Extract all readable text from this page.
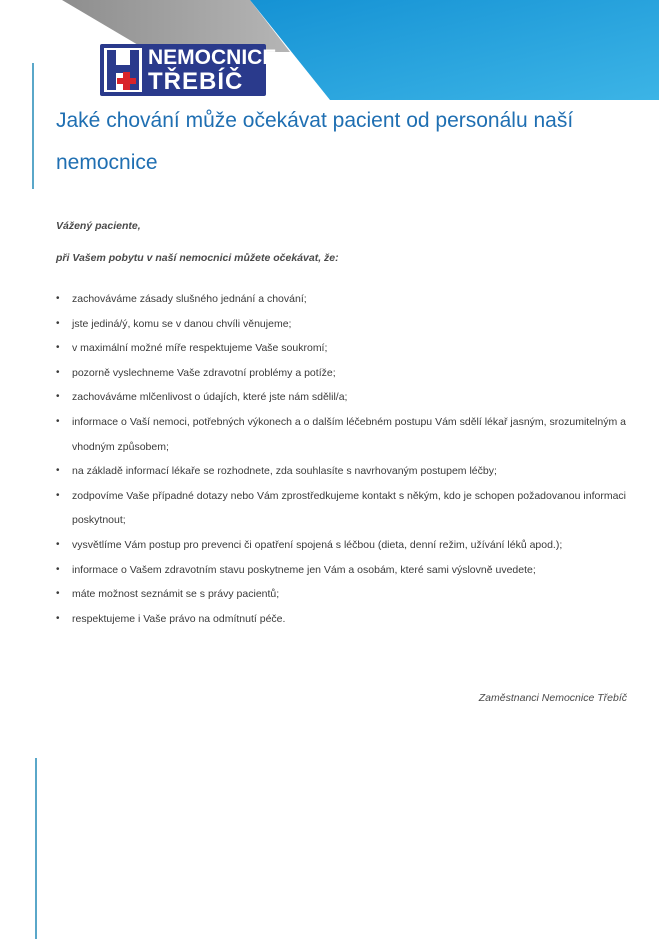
NEMOCNICE
TŘEBÍČ
Jaké chování může očekávat pacient od personálu naší nemocnice

Vážený paciente,

při Vašem pobytu v naší nemocnici můžete očekávat, že:

• zachováváme zásady slušného jednání a chování;
• jste jediná/ý, komu se v danou chvíli věnujeme;
• v maximální možné míře respektujeme Vaše soukromí;
• pozorně vyslechneme Vaše zdravotní problémy a potíže;
• zachováváme mlčenlivost o údajích, které jste nám sdělil/a;
• informace o Vaší nemoci, potřebných výkonech a o dalším léčebném postupu Vám sdělí lékař jasným, srozumitelným a vhodným způsobem;
• na základě informací lékaře se rozhodnete, zda souhlasíte s navrhovaným postupem léčby;
• zodpovíme Vaše případné dotazy nebo Vám zprostředkujeme kontakt s někým, kdo je schopen požadovanou informaci poskytnout;
• vysvětlíme Vám postup pro prevenci či opatření spojená s léčbou (dieta, denní režim, užívání léků apod.);
• informace o Vašem zdravotním stavu poskytneme jen Vám a osobám, které sami výslovně uvedete;
• máte možnost seznámit se s právy pacientů;
• respektujeme i Vaše právo na odmítnutí péče.

Zaměstnanci Nemocnice Třebíč
